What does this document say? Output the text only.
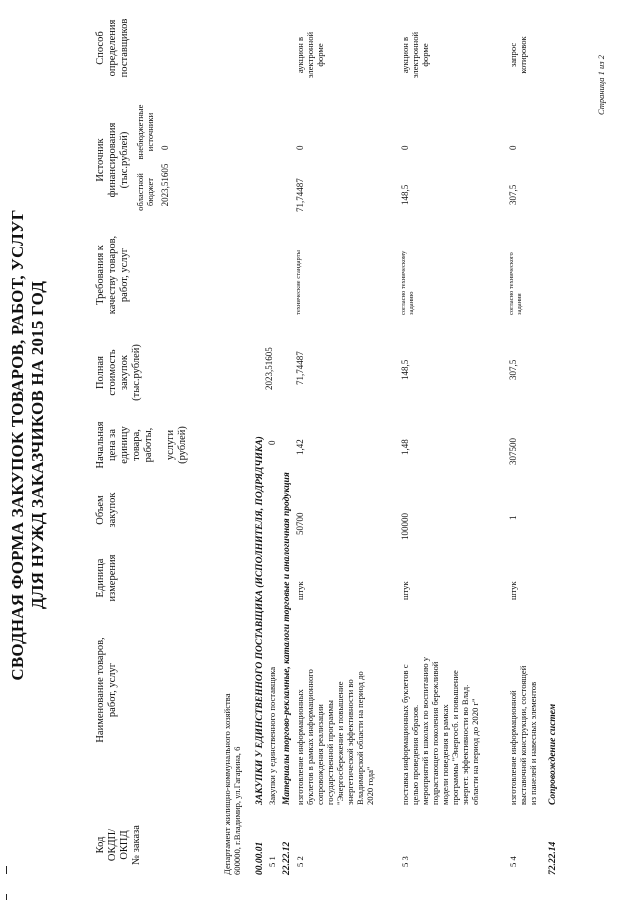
СВОДНАЯ ФОРМА ЗАКУПОК ТОВАРОВ, РАБОТ, УСЛУГ ДЛЯ НУЖД ЗАКАЗЧИКОВ НА 2015 ГОД
Код ОКДП/ ОКПД № заказа
Наименование товаров, работ, услуг
Единица измерения
Объем закупок
Начальная цена за единицу товара, работы, услуги (рублей)
Полная стоимость закупок (тыс.рублей)
Требования к качеству товаров, работ, услуг
Источник финансирования (тыс.рублей)
областной бюджет
внебюджетные источники
Способ определения поставщиков
Департамент жилищно-коммунального хозяйства 600000, г.Владимир, ул.Гагарина, 6 00.00.01
ЗАКУПКИ У ЕДИНСТВЕННОГО ПОСТАВЩИКА (ИСПОЛНИТЕЛЯ, ПОДРЯДЧИКА)
5 1
Закупки у единственного поставщика
0
2023,51605
2023,51605
0
22.22.12
Материалы торгово-рекламные, каталоги торговые и аналогичная продукция
5 2
изготовление информационных буклетов в рамках информационного сопровождения реализации государственной программы "Энергосбережение и повышение энергетической эффективности во Владимирской области на период до 2020 года"
штук
50700
1,42
71,74487
технические стандарты
71,74487
0
аукцион в электронной форме
5 3
поставка информационных буклетов с целью проведения образов. мероприятий в школах по воспитанию у подрастающего поколения бережливой модели поведения в рамках программы "Энергосб. и повышение энергет. эффективности во Влад. области на период до 2020 г"
штук
100000
1,48
148,5
согласно техническому заданию
148,5
0
аукцион в электронной форме
5 4
изготовление информационной выставочной конструкции, состоящей из панелей и навесных элементов
штук
1
307500
307,5
согласно технического задания
307,5
0
запрос котировок
72.22.14
Сопровождение систем
Страница 1 из 2
